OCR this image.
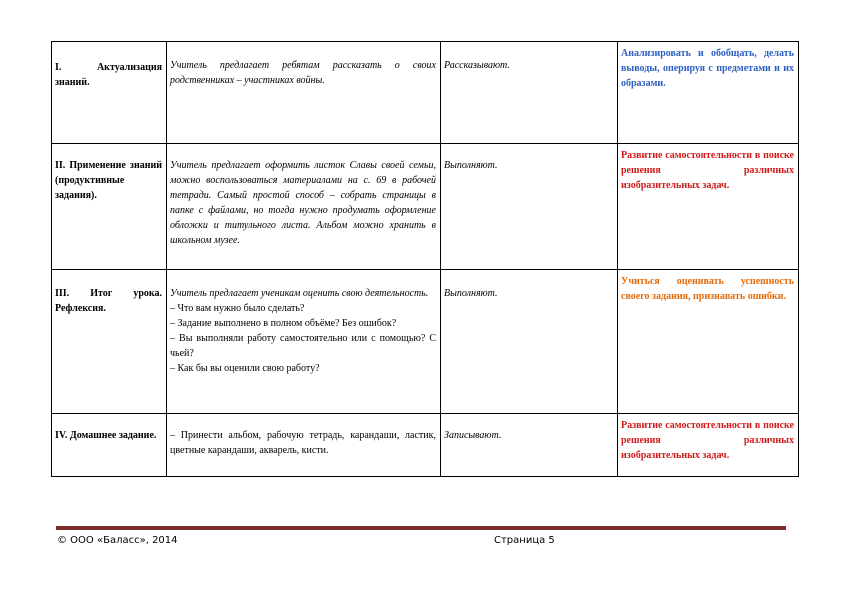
I. Актуализация знаний.	Учитель предлагает ребятам рассказать о своих родственниках – участниках войны.	Рассказывают.	Анализировать и обобщать, делать выводы, оперируя с предметами и их образами.

II. Применение знаний (продуктивные задания).	Учитель предлагает оформить листок Славы своей семьи, можно воспользоваться материалами на с. 69 в рабочей тетради. Самый простой способ – собрать страницы в папке с файлами, но тогда нужно продумать оформление обложки и титульного листа. Альбом можно хранить в школьном музее.	Выполняют.	Развитие самостоятельности в поиске решения различных изобразительных задач.

III. Итог урока. Рефлексия.	Учитель предлагает ученикам оценить свою деятельность.
– Что вам нужно было сделать?
– Задание выполнено в полном объёме? Без ошибок?
– Вы выполняли работу самостоятельно или с помощью? С чьей?
– Как бы вы оценили свою работу?	Выполняют.	Учиться оценивать успешность своего задания, признавать ошибки.

IV. Домашнее задание.	– Принести альбом, рабочую тетрадь, карандаши, ластик, цветные карандаши, акварель, кисти.	Записывают.	Развитие самостоятельности в поиске решения различных изобразительных задач.
© ООО «Баласс», 2014	Страница 5
